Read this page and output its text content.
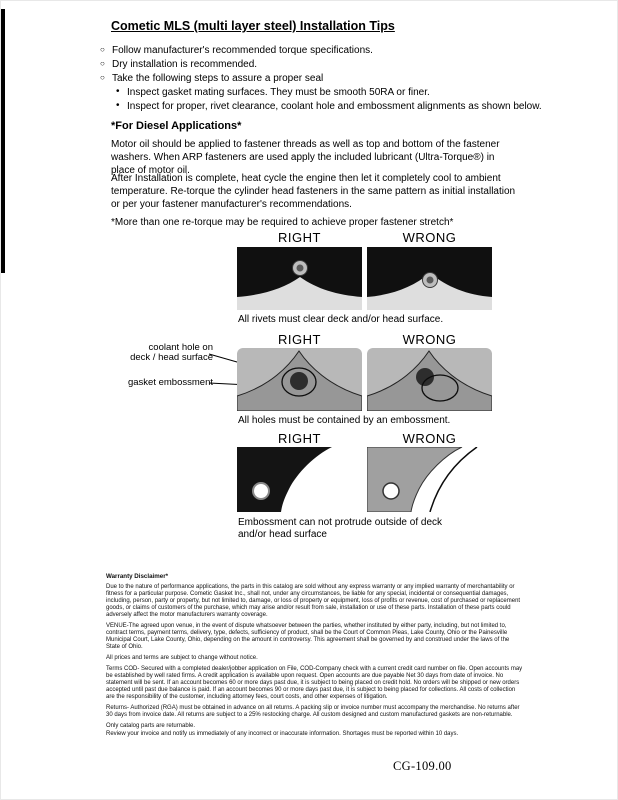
Cometic MLS (multi layer steel) Installation Tips
○ Follow manufacturer's recommended torque specifications.
○ Dry installation is recommended.
○ Take the following steps to assure a proper seal
• Inspect gasket mating surfaces. They must be smooth 50RA or finer.
• Inspect for proper, rivet clearance, coolant hole and embossment alignments as shown below.
*For Diesel Applications*
Motor oil should be applied to fastener threads as well as top and bottom of the fastener washers. When ARP fasteners are used apply the included lubricant (Ultra-Torque®) in place of motor oil.
After Installation is complete, heat cycle the engine then let it completely cool to ambient temperature. Re-torque the cylinder head fasteners in the same pattern as initial installation or per your fastener manufacturer's recommendations.
*More than one re-torque may be required to achieve proper fastener stretch*
RIGHT	WRONG
All rivets must clear deck and/or head surface.
RIGHT	WRONG
coolant hole on deck / head surface
gasket embossment
All holes must be contained by an embossment.
RIGHT	WRONG
Embossment can not protrude outside of deck
and/or head surface
Warranty Disclaimer*

Due to the nature of performance applications, the parts in this catalog are sold without any express warranty or any implied warranty of merchantability or fitness for a particular purpose. Cometic Gasket Inc., shall not, under any circumstances, be liable for any special, incidental or consequential damages, including, person, party or property, but not limited to, damage, or loss of property or equipment, loss of profits or revenue, cost of purchased or replacement goods, or claims of customers of the purchase, which may arise and/or result from sale, installation or use of these parts. Installation of these parts could adversely affect the motor manufacturers warranty coverage.

VENUE-The agreed upon venue, in the event of dispute whatsoever between the parties, whether instituted by either party, including, but not limited to, contract terms, payment terms, delivery, type, defects, sufficiency of product, shall be the Court of Common Pleas, Lake County, Ohio or the Painesville Municipal Court, Lake County, Ohio, depending on the amount in controversy. This agreement shall be governed by and construed under the laws of the State of Ohio.

All prices and terms are subject to change without notice.

Terms COD- Secured with a completed dealer/jobber application on File, COD-Company check with a current credit card number on file. Open accounts may be established by well rated firms. A credit application is available upon request. Open accounts are due payable Net 30 days from date of invoice. No statement will be sent. If an account becomes 60 or more days past due, it is subject to being placed on credit hold. No orders will be shipped or new orders accepted until past due balance is paid. If an account becomes 90 or more days past due, it is subject to being placed for collections. All costs of collection are the responsibility of the customer, including attorney fees, court costs, and other expenses of litigation.

Returns- Authorized (RGA) must be obtained in advance on all returns. A packing slip or invoice number must accompany the merchandise. No returns after 30 days from invoice date. All returns are subject to a 25% restocking charge. All custom designed and custom manufactured gaskets are non-returnable.

Only catalog parts are returnable.

Review your invoice and notify us immediately of any incorrect or inaccurate information. Shortages must be reported within 10 days.

CG-109.00
